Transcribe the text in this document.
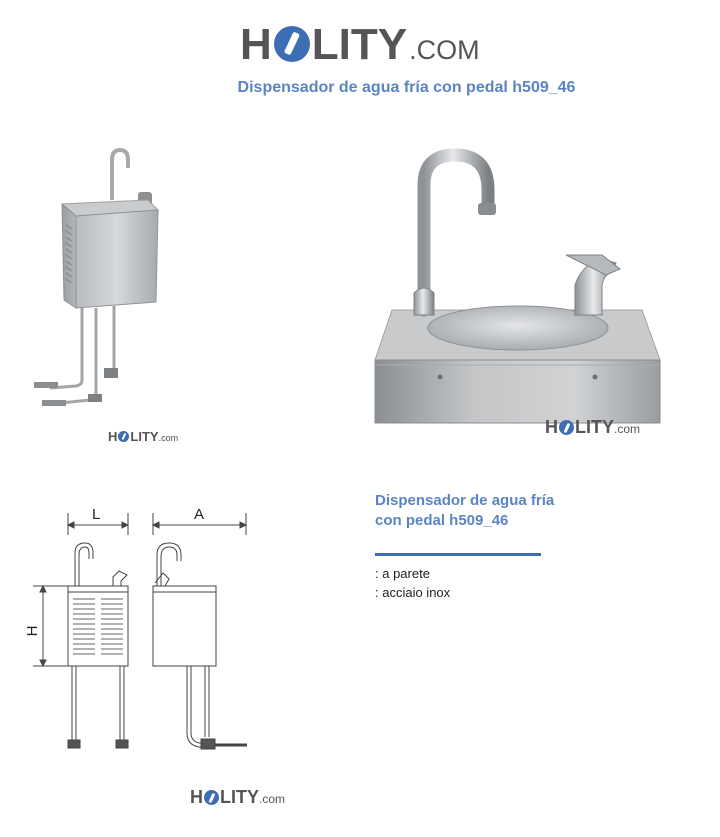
H LITY .COM
Dispensador de agua fría con pedal h509_46
H LITY .com
H LITY .com
L	A
H
H LITY .com
Dispensador de agua fría con pedal h509_46
: a parete
: acciaio inox
